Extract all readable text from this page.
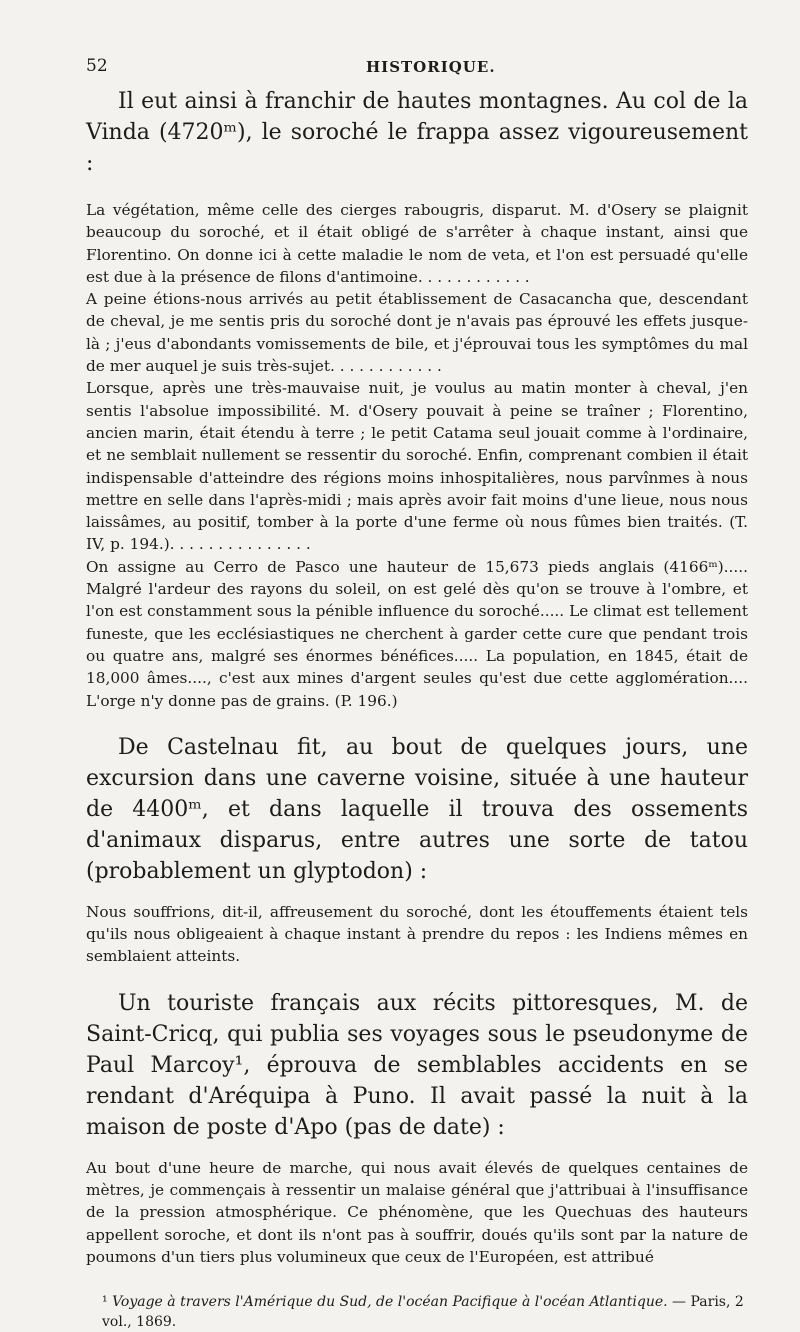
52	HISTORIQUE.

Il eut ainsi à franchir de hautes montagnes. Au col de la Vinda (4720ᵐ), le soroché le frappa assez vigoureusement :

La végétation, même celle des cierges rabougris, disparut. M. d'Osery se plaignit beaucoup du soroché, et il était obligé de s'arrêter à chaque instant, ainsi que Florentino. On donne ici à cette maladie le nom de veta, et l'on est persuadé qu'elle est due à la présence de filons d'antimoine. . . . . . . . . . . .

A peine étions-nous arrivés au petit établissement de Casacancha que, descendant de cheval, je me sentis pris du soroché dont je n'avais pas éprouvé les effets jusque-là ; j'eus d'abondants vomissements de bile, et j'éprouvai tous les symptômes du mal de mer auquel je suis très-sujet. . . . . . . . . . . .

Lorsque, après une très-mauvaise nuit, je voulus au matin monter à cheval, j'en sentis l'absolue impossibilité. M. d'Osery pouvait à peine se traîner ; Florentino, ancien marin, était étendu à terre ; le petit Catama seul jouait comme à l'ordinaire, et ne semblait nullement se ressentir du soroché. Enfin, comprenant combien il était indispensable d'atteindre des régions moins inhospitalières, nous parvînmes à nous mettre en selle dans l'après-midi ; mais après avoir fait moins d'une lieue, nous nous laissâmes, au positif, tomber à la porte d'une ferme où nous fûmes bien traités. (T. IV, p. 194.). . . . . . . . . . . . . . .

On assigne au Cerro de Pasco une hauteur de 15,673 pieds anglais (4166ᵐ)..... Malgré l'ardeur des rayons du soleil, on est gelé dès qu'on se trouve à l'ombre, et l'on est constamment sous la pénible influence du soroché..... Le climat est tellement funeste, que les ecclésiastiques ne cherchent à garder cette cure que pendant trois ou quatre ans, malgré ses énormes bénéfices..... La population, en 1845, était de 18,000 âmes...., c'est aux mines d'argent seules qu'est due cette agglomération.... L'orge n'y donne pas de grains. (P. 196.)

De Castelnau fit, au bout de quelques jours, une excursion dans une caverne voisine, située à une hauteur de 4400ᵐ, et dans laquelle il trouva des ossements d'animaux disparus, entre autres une sorte de tatou (probablement un glyptodon) :

Nous souffrions, dit-il, affreusement du soroché, dont les étouffements étaient tels qu'ils nous obligeaient à chaque instant à prendre du repos : les Indiens mêmes en semblaient atteints.

Un touriste français aux récits pittoresques, M. de Saint-Cricq, qui publia ses voyages sous le pseudonyme de Paul Marcoy¹, éprouva de semblables accidents en se rendant d'Aréquipa à Puno. Il avait passé la nuit à la maison de poste d'Apo (pas de date) :

Au bout d'une heure de marche, qui nous avait élevés de quelques centaines de mètres, je commençais à ressentir un malaise général que j'attribuai à l'insuffisance de la pression atmosphérique. Ce phénomène, que les Quechuas des hauteurs appellent soroche, et dont ils n'ont pas à souffrir, doués qu'ils sont par la nature de poumons d'un tiers plus volumineux que ceux de l'Européen, est attribué

¹ Voyage à travers l'Amérique du Sud, de l'océan Pacifique à l'océan Atlantique. — Paris, 2 vol., 1869.
